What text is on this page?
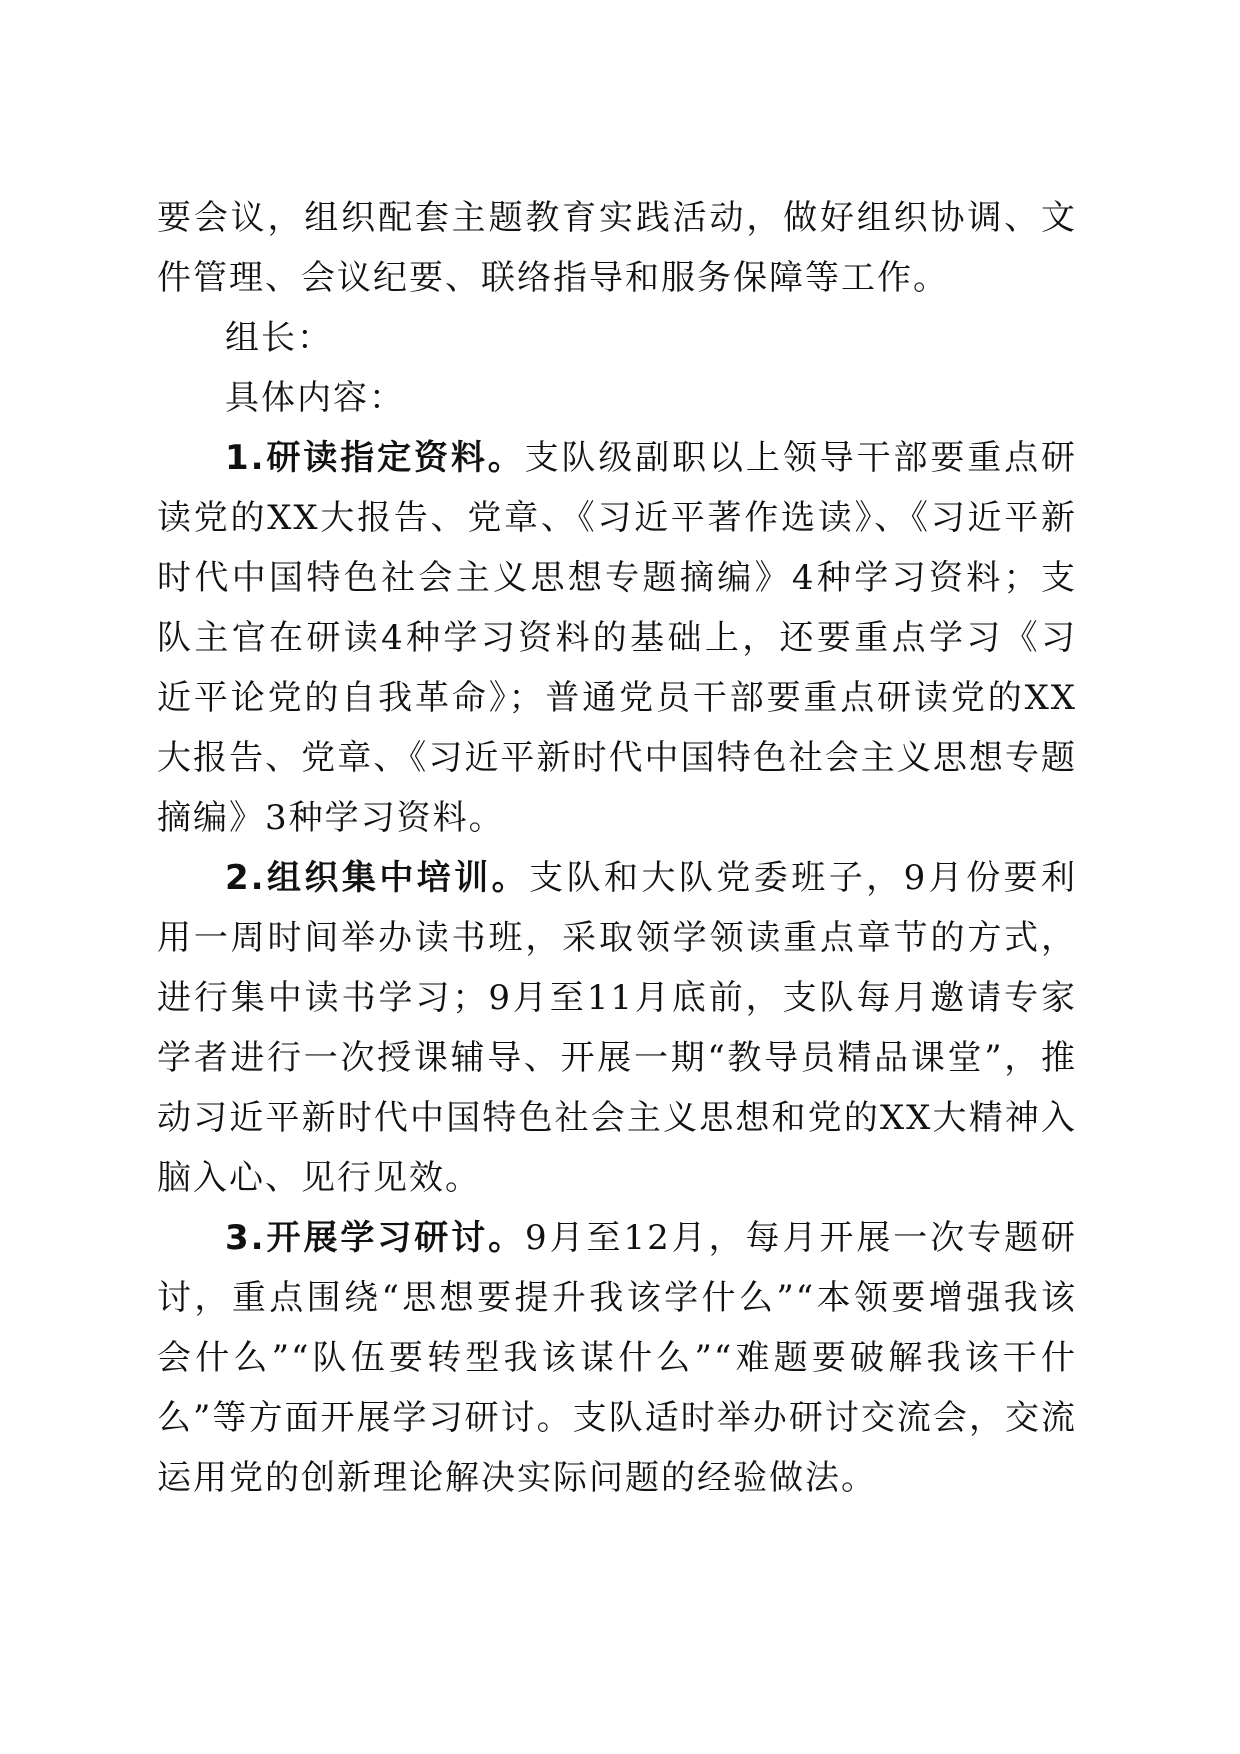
要会议，组织配套主题教育实践活动，做好组织协调、文件管理、会议纪要、联络指导和服务保障等工作。

组长：

具体内容：

1.研读指定资料。支队级副职以上领导干部要重点研读党的XX大报告、党章、《习近平著作选读》、《习近平新时代中国特色社会主义思想专题摘编》4种学习资料；支队主官在研读4种学习资料的基础上，还要重点学习《习近平论党的自我革命》；普通党员干部要重点研读党的XX大报告、党章、《习近平新时代中国特色社会主义思想专题摘编》3种学习资料。

2.组织集中培训。支队和大队党委班子，9月份要利用一周时间举办读书班，采取领学领读重点章节的方式，进行集中读书学习；9月至11月底前，支队每月邀请专家学者进行一次授课辅导、开展一期“教导员精品课堂”，推动习近平新时代中国特色社会主义思想和党的XX大精神入脑入心、见行见效。

3.开展学习研讨。9月至12月，每月开展一次专题研讨，重点围绕“思想要提升我该学什么”“本领要增强我该会什么”“队伍要转型我该谋什么”“难题要破解我该干什么”等方面开展学习研讨。支队适时举办研讨交流会，交流运用党的创新理论解决实际问题的经验做法。
